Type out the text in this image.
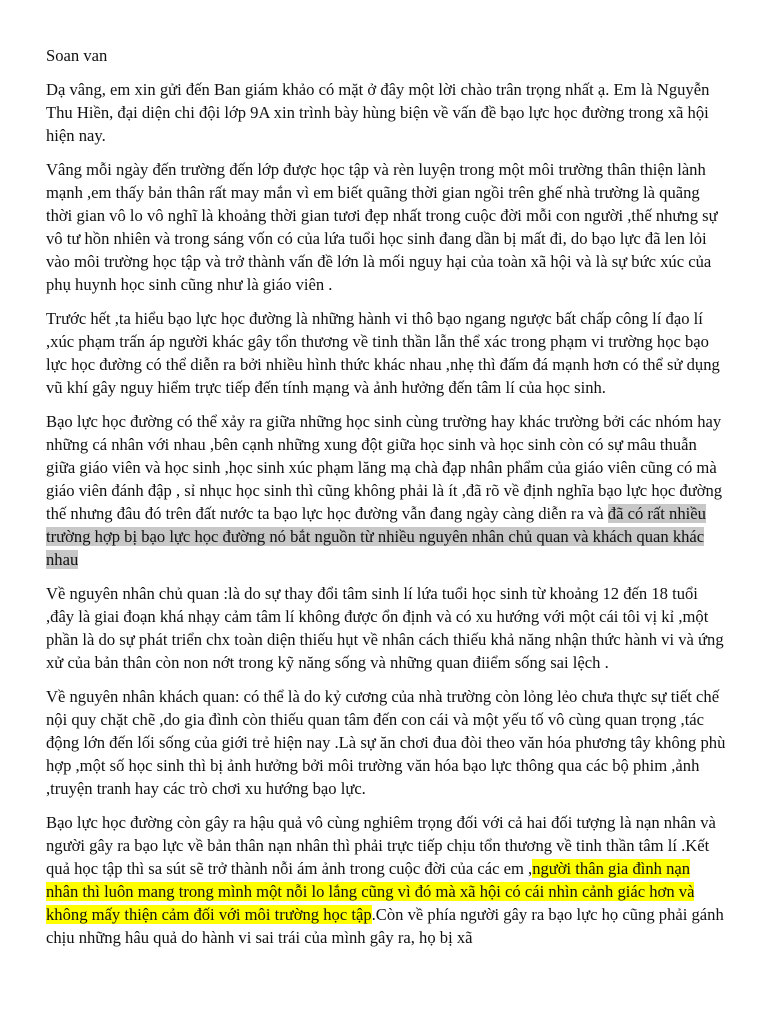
Soan van

Dạ vâng, em xin gửi đến Ban giám khảo có mặt ở đây một lời chào trân trọng nhất ạ. Em là Nguyễn Thu Hiền, đại diện chi đội lớp 9A xin trình bày hùng biện về vấn đề bạo lực học đường trong xã hội hiện nay.

Vâng mỗi ngày đến trường đến lớp được học tập và rèn luyện trong một môi trường thân thiện lành mạnh ,em thấy bản thân rất may mắn vì em biết quãng thời gian ngồi trên ghế nhà trường là quãng thời gian vô lo vô nghĩ là khoảng thời gian tươi đẹp nhất trong cuộc đời mỗi con người ,thế nhưng sự vô tư hồn nhiên và trong sáng vốn có của lứa tuổi học sinh đang dần bị mất đi, do bạo lực đã len lỏi vào môi trường học tập và trở thành vấn đề lớn là mối nguy hại của toàn xã hội và là sự bức xúc của phụ huynh học sinh cũng như là giáo viên .

Trước hết ,ta hiểu bạo lực học đường là những hành vi thô bạo ngang ngược bất chấp công lí đạo lí ,xúc phạm trấn áp người khác gây tổn thương về tinh thần lẫn thể xác trong phạm vi trường học bạo lực học đường có thể diễn ra bởi nhiều hình thức khác nhau ,nhẹ thì đấm đá mạnh hơn có thể sử dụng vũ khí gây nguy hiểm trực tiếp đến tính mạng và ảnh hưởng đến tâm lí của học sinh.

Bạo lực học đường có thể xảy ra giữa những học sinh cùng trường hay khác trường bởi các nhóm hay những cá nhân với nhau ,bên cạnh những xung đột giữa học sinh và học sinh còn có sự mâu thuẫn giữa giáo viên và học sinh ,học sinh xúc phạm lăng mạ chà đạp nhân phẩm của giáo viên cũng có mà giáo viên đánh đập , sỉ nhục học sinh thì cũng không phải là ít ,đã rõ về định nghĩa bạo lực học đường thế nhưng đâu đó trên đất nước ta bạo lực học đường vẫn đang ngày càng diễn ra và đã có rất nhiều trường hợp bị bạo lực học đường nó bắt nguồn từ nhiều nguyên nhân chủ quan và khách quan khác nhau

Về nguyên nhân chủ quan :là do sự thay đổi tâm sinh lí lứa tuổi học sinh từ khoảng 12 đến 18 tuổi ,đây là giai đoạn khá nhạy cảm tâm lí không được ổn định và có xu hướng với một cái tôi vị kỉ ,một phần là do sự phát triển chx toàn diện thiếu hụt về nhân cách thiếu khả năng nhận thức hành vi và ứng xử của bản thân còn non nớt trong kỹ năng sống và những quan điiểm sống sai lệch .

Về nguyên nhân khách quan: có thể là do kỷ cương của nhà trường còn lỏng lẻo chưa thực sự tiết chế nội quy chặt chẽ ,do gia đình còn thiếu quan tâm đến con cái và một yếu tố vô cùng quan trọng ,tác động lớn đến lối sống của giới trẻ hiện nay .Là sự ăn chơi đua đòi theo văn hóa phương tây không phù hợp ,một số học sinh thì bị ảnh hưởng bởi môi trường văn hóa bạo lực thông qua các bộ phim ,ảnh ,truyện tranh hay các trò chơi xu hướng bạo lực.

Bạo lực học đường còn gây ra hậu quả vô cùng nghiêm trọng đối với cả hai đối tượng là nạn nhân và người gây ra bạo lực về bản thân nạn nhân thì phải trực tiếp chịu tổn thương về tinh thần tâm lí .Kết quả học tập thì sa sút sẽ trở thành nỗi ám ảnh trong cuộc đời của các em ,người thân gia đình nạn nhân thì luôn mang trong mình một nỗi lo lắng cũng vì đó mà xã hội có cái nhìn cảnh giác hơn và không mấy thiện cảm đối với môi trường học tập.Còn về phía người gây ra bạo lực họ cũng phải gánh chịu những hâu quả do hành vi sai trái của mình gây ra, họ bị xã
